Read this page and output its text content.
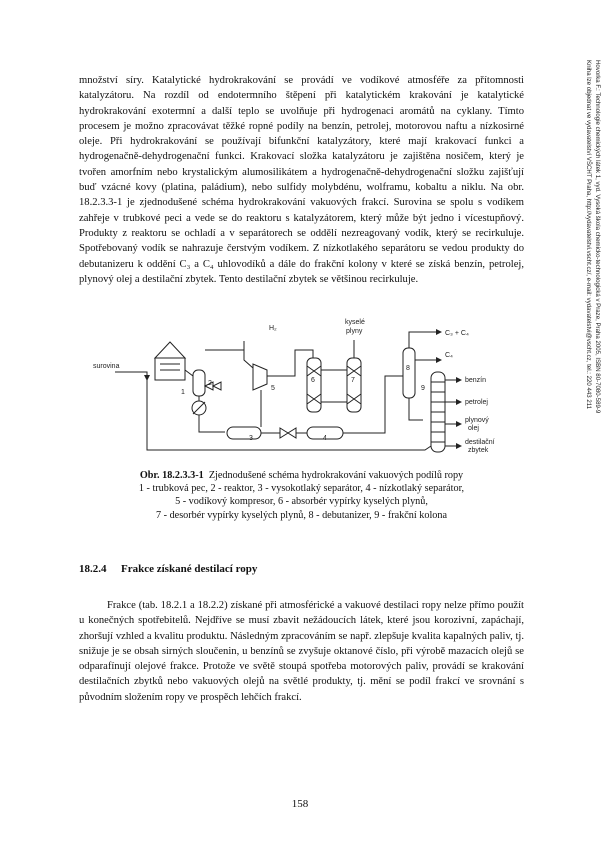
Hovorka F.: Technologie chemických látek 1, vyd. Vysoká škola chemicko-technologická v Praze, Praha 2005, ISBN 80-7080-589-9
Kniha lze objednat ve vydavatelství VŠCHT Praha, http://vydavatelstvi.vscht.cz/, e-mail: vydavatelstvi@vscht.cz, tel.: 220 443 211

množství síry. Katalytické hydrokrakování se provádí ve vodíkové atmosféře za přítomnosti katalyzátoru. Na rozdíl od endotermního štěpení při katalytickém krakování je katalytické hydrokrakování exotermní a další teplo se uvolňuje při hydrogenaci aromátů na cyklany. Tímto procesem je možno zpracovávat těžké ropné podíly na benzín, petrolej, motorovou naftu a nízkosirné oleje. Při hydrokrakování se používají bifunkční katalyzátory, které mají krakovací funkci a hydrogenačně-dehydrogenační funkci. Krakovací složka katalyzátoru je zajištěna nosičem, který je tvořen amorfním nebo krystalickým alumosilikátem a hydrogenačně-dehydrogenační složku zajišťují buď vzácné kovy (platina, paládium), nebo sulfidy molybdénu, wolframu, kobaltu a niklu. Na obr. 18.2.3.3-1 je zjednodušené schéma hydrokrakování vakuových frakcí. Surovina se spolu s vodíkem zahřeje v trubkové peci a vede se do reaktoru s katalyzátorem, který může být jedno i vícestupňový. Produkty z reaktoru se ochladí a v separátorech se oddělí nezreagovaný vodík, který se recirkuluje. Spotřebovaný vodík se nahrazuje čerstvým vodíkem. Z nízkotlakého separátoru se vedou produkty do debutanizeru k oddění C₃ a C₄ uhlovodíků a dále do frakční kolony v které se získá benzín, petrolej, plynový olej a destilační zbytek. Tento destilační zbytek se většinou recirkuluje.

H₂
kyselé
plyny	C₃ + C₄
C₄
surovina
benzín
petrolej
plynový
olej
destilační
zbytek
1
2
3	4
5
6	7
8
9
Obr. 18.2.3.3-1 Zjednodušené schéma hydrokrakování vakuových podílů ropy
1 - trubková pec, 2 - reaktor, 3 - vysokotlaký separátor, 4 - nízkotlaký separátor,
5 - vodíkový kompresor, 6 - absorbér vypírky kyselých plynů,
7 - desorbér vypírky kyselých plynů, 8 - debutanizer, 9 - frakční kolona

18.2.4 Frakce získané destilací ropy

Frakce (tab. 18.2.1 a 18.2.2) získané při atmosférické a vakuové destilaci ropy nelze přímo použít u konečných spotřebitelů. Nejdříve se musí zbavit nežádoucích látek, které jsou korozivní, zapáchají, zhoršují vzhled a kvalitu produktu. Následným zpracováním se např. zlepšuje kvalita kapalných paliv, tj. snižuje je se obsah sirných sloučenin, u benzínů se zvyšuje oktanové číslo, při výrobě mazacích olejů se odparafínují olejové frakce. Protože ve světě stoupá spotřeba motorových paliv, provádí se krakování destilačních zbytků nebo vakuových olejů na světlé produkty, tj. mění se podíl frakcí ve srovnání s původním složením ropy ve prospěch lehčích frakcí.

158
